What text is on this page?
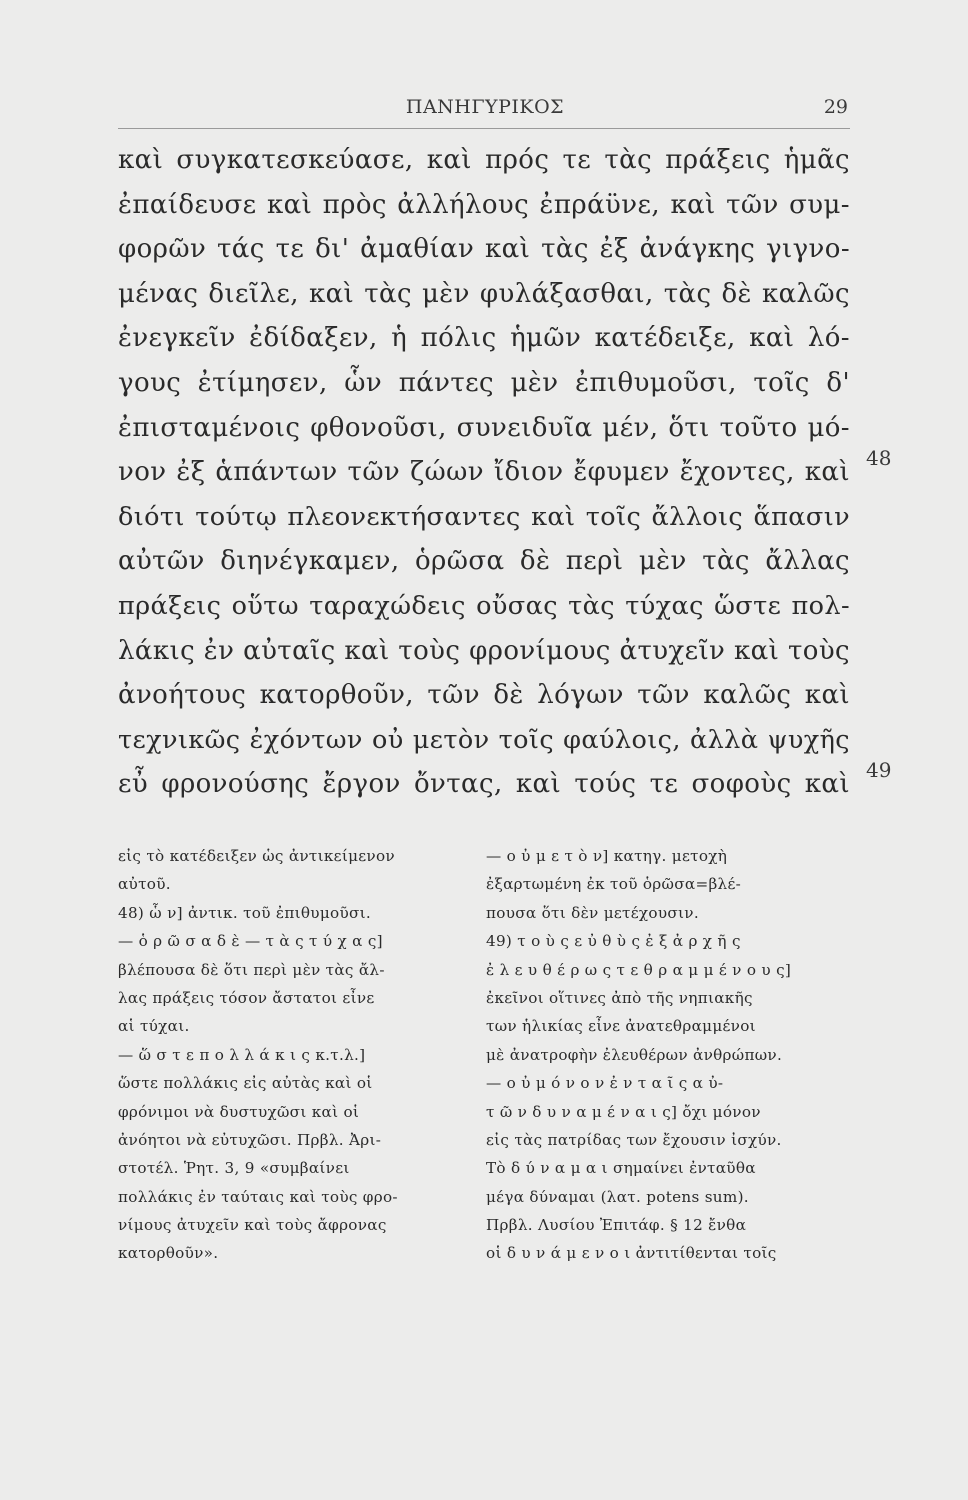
ΠΑΝΗΓΥΡΙΚΟΣ	29
καὶ συγκατεσκεύασε, καὶ πρός τε τὰς πράξεις ἡμᾶς
ἐπαίδευσε καὶ πρὸς ἀλλήλους ἐπράϋνε, καὶ τῶν συμ-
φορῶν τάς τε δι' ἀμαθίαν καὶ τὰς ἐξ ἀνάγκης γιγνο-
μένας διεῖλε, καὶ τὰς μὲν φυλάξασθαι, τὰς δὲ καλῶς
ἐνεγκεῖν ἐδίδαξεν, ἡ πόλις ἡμῶν κατέδειξε, καὶ λό-
γους ἐτίμησεν, ὧν πάντες μὲν ἐπιθυμοῦσι, τοῖς δ'
ἐπισταμένοις φθονοῦσι, συνειδυῖα μέν, ὅτι τοῦτο μό-
νον ἐξ ἁπάντων τῶν ζώων ἴδιον ἔφυμεν ἔχοντες, καὶ
διότι τούτῳ πλεονεκτήσαντες καὶ τοῖς ἄλλοις ἅπασιν
αὐτῶν διηνέγκαμεν, ὁρῶσα δὲ περὶ μὲν τὰς ἄλλας
πράξεις οὕτω ταραχώδεις οὔσας τὰς τύχας ὥστε πολ-
λάκις ἐν αὐταῖς καὶ τοὺς φρονίμους ἀτυχεῖν καὶ τοὺς
ἀνοήτους κατορθοῦν, τῶν δὲ λόγων τῶν καλῶς καὶ
τεχνικῶς ἐχόντων οὐ μετὸν τοῖς φαύλοις, ἀλλὰ ψυχῆς
εὖ φρονούσης ἔργον ὄντας, καὶ τούς τε σοφοὺς καὶ
48
49
εἰς τὸ κατέδειξεν ὡς ἀντικείμενον
αὐτοῦ.
48) ὧ ν] ἀντικ. τοῦ ἐπιθυμοῦσι.
— ὁ ρ ῶ σ α δ ὲ — τ ὰ ς τ ύ χ α ς]
βλέπουσα δὲ ὅτι περὶ μὲν τὰς ἄλ-
λας πράξεις τόσον ἄστατοι εἶνε
αἱ τύχαι.
— ὥ σ τ ε π ο λ λ ά κ ι ς κ.τ.λ.]
ὥστε πολλάκις εἰς αὐτὰς καὶ οἱ
φρόνιμοι νὰ δυστυχῶσι καὶ οἱ
ἀνόητοι νὰ εὐτυχῶσι. Πρβλ. Ἀρι-
στοτέλ. Ῥητ. 3, 9 «συμβαίνει
πολλάκις ἐν ταύταις καὶ τοὺς φρο-
νίμους ἀτυχεῖν καὶ τοὺς ἄφρονας
κατορθοῦν».
— ο ὐ μ ε τ ὸ ν] κατηγ. μετοχὴ
ἐξαρτωμένη ἐκ τοῦ ὁρῶσα=βλέ-
πουσα ὅτι δὲν μετέχουσιν.
49) τ ο ὺ ς ε ὐ θ ὺ ς ἐ ξ ἀ ρ χ ῆ ς
ἐ λ ε υ θ έ ρ ω ς τ ε θ ρ α μ μ έ ν ο υ ς]
ἐκεῖνοι οἵτινες ἀπὸ τῆς νηπιακῆς
των ἡλικίας εἶνε ἀνατεθραμμένοι
μὲ ἀνατροφὴν ἐλευθέρων ἀνθρώπων.
— ο ὐ μ ό ν ο ν ἐ ν τ α ῖ ς α ὐ-
τ ῶ ν δ υ ν α μ έ ν α ι ς] ὄχι μόνον
εἰς τὰς πατρίδας των ἔχουσιν ἰσχύν.
Τὸ δ ύ ν α μ α ι σημαίνει ἐνταῦθα
μέγα δύναμαι (λατ. potens sum).
Πρβλ. Λυσίου Ἐπιτάφ. § 12 ἔνθα
οἱ δ υ ν ά μ ε ν ο ι ἀντιτίθενται τοῖς
